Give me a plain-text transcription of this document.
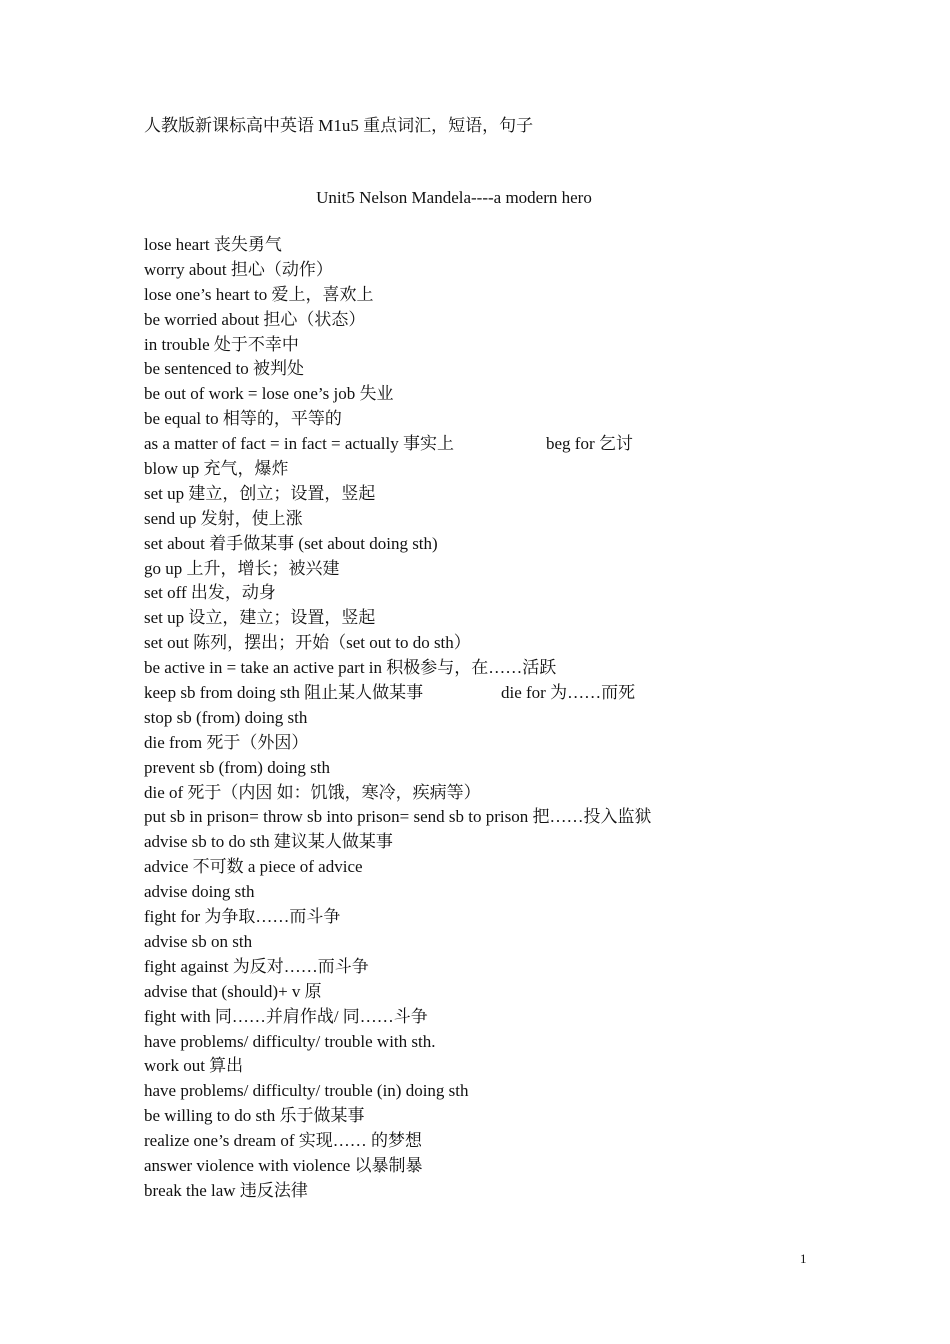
人教版新课标高中英语 M1u5 重点词汇，短语，句子
Unit5 Nelson Mandela----a modern hero
lose heart 丧失勇气
worry about 担心（动作）
lose one’s heart to 爱上，喜欢上
be worried about 担心（状态）
in trouble 处于不幸中
be sentenced to 被判处
be out of work = lose one’s job 失业
be equal to 相等的，平等的
as a matter of fact = in fact = actually 事实上	beg for 乞讨
blow up 充气，爆炸
set up 建立，创立；设置，竖起
send up 发射，使上涨
set about 着手做某事 (set about doing sth)
go up 上升，增长；被兴建
set off 出发，动身
set up 设立，建立；设置，竖起
set out 陈列，摆出；开始（set out to do sth）
be active in = take an active part in 积极参与，在……活跃
keep sb from doing sth 阻止某人做某事	die for 为……而死
stop sb (from) doing sth
die from 死于（外因）
prevent sb (from) doing sth
die of 死于（内因 如：饥饿，寒冷，疾病等）
put sb in prison= throw sb into prison= send sb to prison 把……投入监狱
advise sb to do sth 建议某人做某事
advice 不可数 a piece of advice
advise doing sth
fight for 为争取……而斗争
advise sb on sth
fight against 为反对……而斗争
advise that (should)+ v 原
fight with 同……并肩作战/ 同……斗争
have problems/ difficulty/ trouble with sth.
work out 算出
have problems/ difficulty/ trouble (in) doing sth
be willing to do sth 乐于做某事
realize one’s dream of 实现…… 的梦想
answer violence with violence 以暴制暴
break the law 违反法律
1
